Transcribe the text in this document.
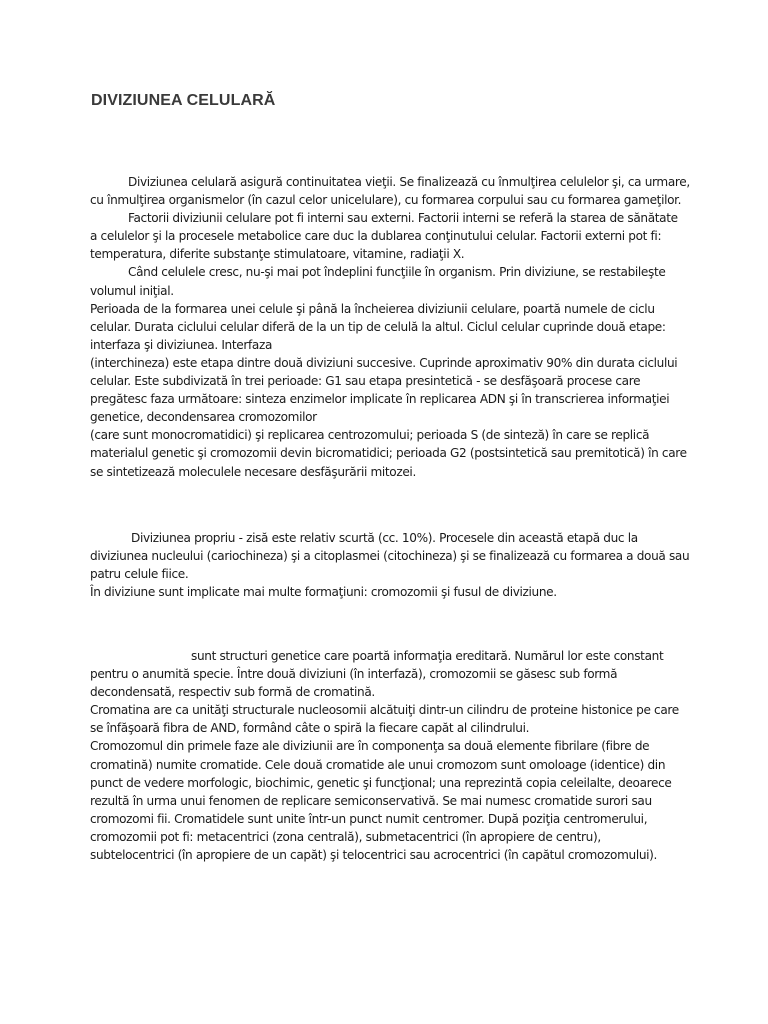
DIVIZIUNEA CELULARĂ
Diviziunea celulară asigură continuitatea vieţii. Se finalizează cu înmulţirea celulelor şi, ca urmare,
cu înmulţirea organismelor (în cazul celor unicelulare), cu formarea corpului sau cu formarea gameţilor.
Factorii diviziunii celulare pot fi interni sau externi. Factorii interni se referă la starea de sănătate
a celulelor şi la procesele metabolice care duc la dublarea conţinutului celular. Factorii externi pot fi:
temperatura, diferite substanţe stimulatoare, vitamine, radiaţii X.
Când celulele cresc, nu-şi mai pot îndeplini funcţiile în organism. Prin diviziune, se restabileşte
volumul iniţial.
Perioada de la formarea unei celule şi până la încheierea diviziunii celulare, poartă numele de ciclu
celular. Durata ciclului celular diferă de la un tip de celulă la altul. Ciclul celular cuprinde două etape:
interfaza şi diviziunea. Interfaza
(interchineza) este etapa dintre două diviziuni succesive. Cuprinde aproximativ 90% din durata ciclului
celular. Este subdivizată în trei perioade: G1 sau etapa presintetică - se desfăşoară procese care
pregătesc faza următoare: sinteza enzimelor implicate în replicarea ADN şi în transcrierea informaţiei
genetice, decondensarea cromozomilor
(care sunt monocromatidici) şi replicarea centrozomului; perioada S (de sinteză) în care se replică
materialul genetic şi cromozomii devin bicromatidici; perioada G2 (postsintetică sau premitotică) în care
se sintetizează moleculele necesare desfăşurării mitozei.
Diviziunea propriu - zisă este relativ scurtă (cc. 10%). Procesele din această etapă duc la
diviziunea nucleului (cariochineza) şi a citoplasmei (citochineza) şi se finalizează cu formarea a două sau
patru celule fiice.
În diviziune sunt implicate mai multe formaţiuni: cromozomii şi fusul de diviziune.
sunt structuri genetice care poartă informaţia ereditară. Numărul lor este constant
pentru o anumită specie. Între două diviziuni (în interfază), cromozomii se găsesc sub formă
decondensată, respectiv sub formă de cromatină.
Cromatina are ca unităţi structurale nucleosomii alcătuiţi dintr-un cilindru de proteine histonice pe care
se înfăşoară fibra de AND, formând câte o spiră la fiecare capăt al cilindrului.
Cromozomul din primele faze ale diviziunii are în componenţa sa două elemente fibrilare (fibre de
cromatină) numite cromatide. Cele două cromatide ale unui cromozom sunt omoloage (identice) din
punct de vedere morfologic, biochimic, genetic şi funcţional; una reprezintă copia celeilalte, deoarece
rezultă în urma unui fenomen de replicare semiconservativă. Se mai numesc cromatide surori sau
cromozomi fii. Cromatidele sunt unite într-un punct numit centromer. După poziţia centromerului,
cromozomii pot fi: metacentrici (zona centrală), submetacentrici (în apropiere de centru),
subtelocentrici (în apropiere de un capăt) şi telocentrici sau acrocentrici (în capătul cromozomului).
